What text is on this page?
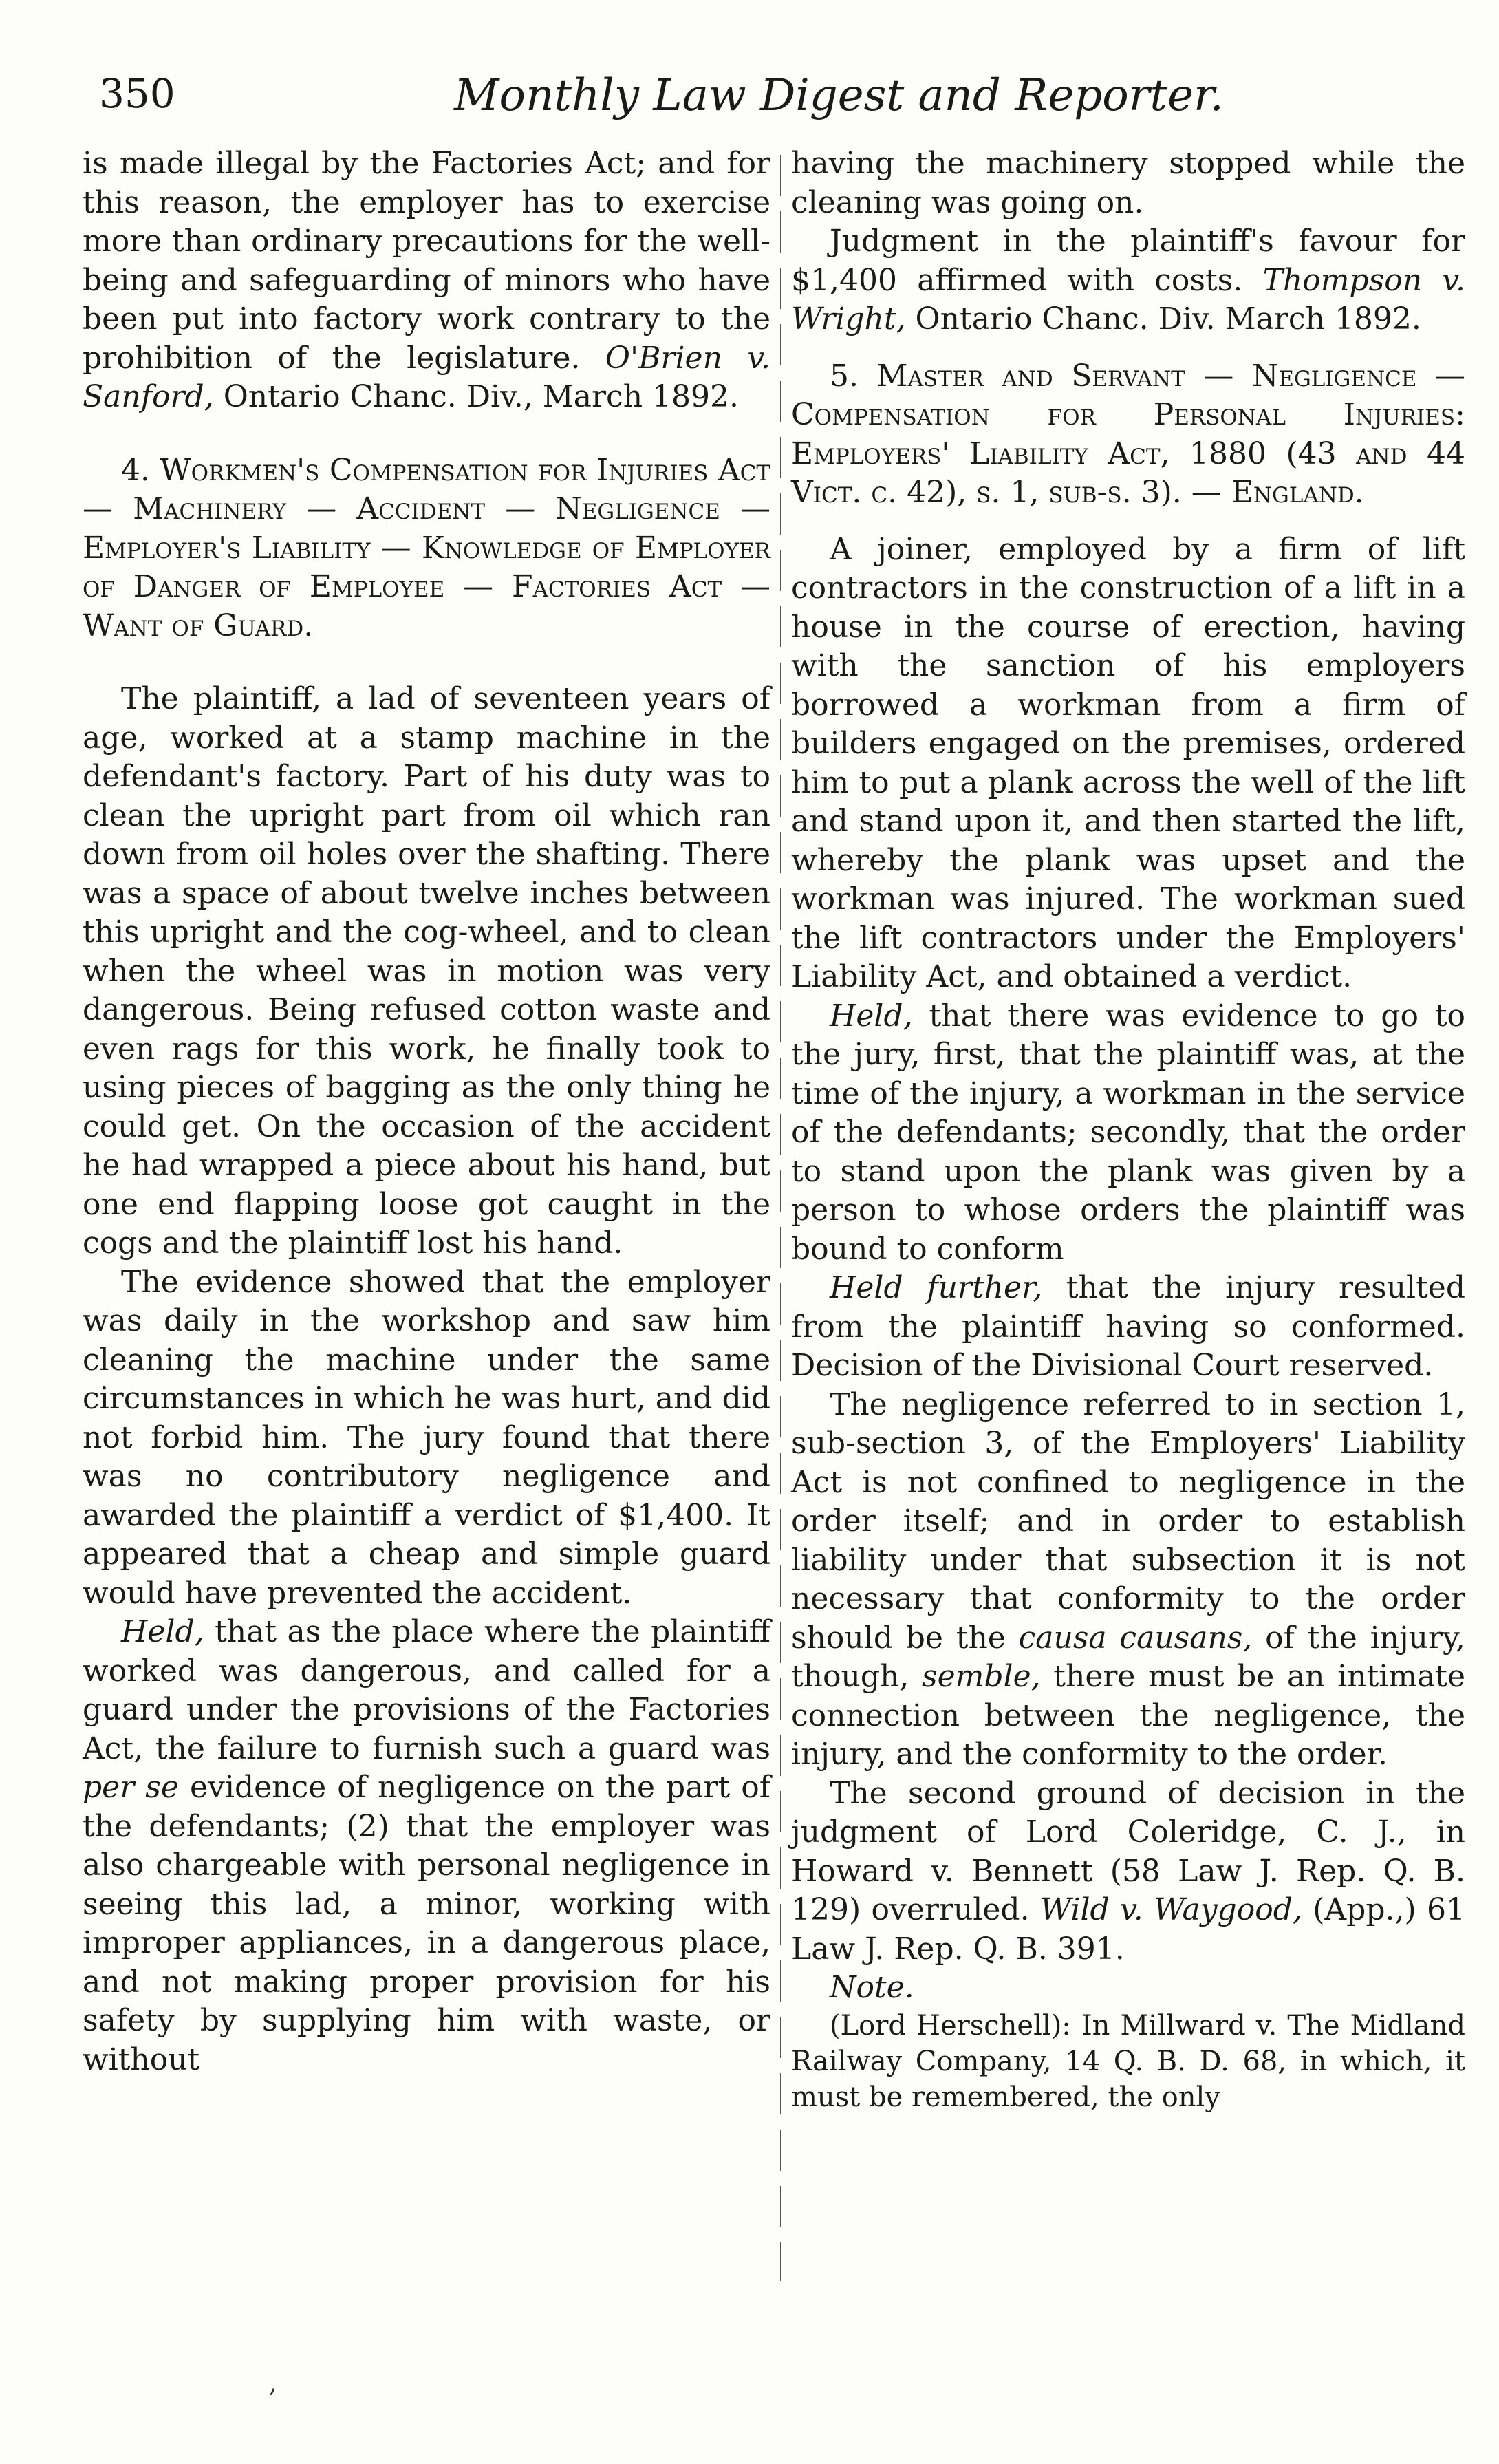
350	Monthly Law Digest and Reporter.

is made illegal by the Factories Act; and for this reason, the employer has to exercise more than ordinary precautions for the well-being and safeguarding of minors who have been put into factory work contrary to the prohibition of the legislature. O'Brien v. Sanford, Ontario Chanc. Div., March 1892.

4. Workmen's Compensation for Injuries Act — Machinery — Accident — Negligence — Employer's Liability — Knowledge of Employer of Danger of Employee — Factories Act — Want of Guard.

The plaintiff, a lad of seventeen years of age, worked at a stamp machine in the defendant's factory. Part of his duty was to clean the upright part from oil which ran down from oil holes over the shafting. There was a space of about twelve inches between this upright and the cog-wheel, and to clean when the wheel was in motion was very dangerous. Being refused cotton waste and even rags for this work, he finally took to using pieces of bagging as the only thing he could get. On the occasion of the accident he had wrapped a piece about his hand, but one end flapping loose got caught in the cogs and the plaintiff lost his hand.

The evidence showed that the employer was daily in the workshop and saw him cleaning the machine under the same circumstances in which he was hurt, and did not forbid him. The jury found that there was no contributory negligence and awarded the plaintiff a verdict of $1,400. It appeared that a cheap and simple guard would have prevented the accident.

Held, that as the place where the plaintiff worked was dangerous, and called for a guard under the provisions of the Factories Act, the failure to furnish such a guard was per se evidence of negligence on the part of the defendants; (2) that the employer was also chargeable with personal negligence in seeing this lad, a minor, working with improper appliances, in a dangerous place, and not making proper provision for his safety by supplying him with waste, or without

having the machinery stopped while the cleaning was going on.

Judgment in the plaintiff's favour for $1,400 affirmed with costs. Thompson v. Wright, Ontario Chanc. Div. March 1892.

5. Master and Servant — Negligence — Compensation for Personal Injuries: Employers' Liability Act, 1880 (43 and 44 Vict. c. 42), s. 1, sub-s. 3). — England.

A joiner, employed by a firm of lift contractors in the construction of a lift in a house in the course of erection, having with the sanction of his employers borrowed a workman from a firm of builders engaged on the premises, ordered him to put a plank across the well of the lift and stand upon it, and then started the lift, whereby the plank was upset and the workman was injured. The workman sued the lift contractors under the Employers' Liability Act, and obtained a verdict.

Held, that there was evidence to go to the jury, first, that the plaintiff was, at the time of the injury, a workman in the service of the defendants; secondly, that the order to stand upon the plank was given by a person to whose orders the plaintiff was bound to conform

Held further, that the injury resulted from the plaintiff having so conformed. Decision of the Divisional Court reserved.

The negligence referred to in section 1, sub-section 3, of the Employers' Liability Act is not confined to negligence in the order itself; and in order to establish liability under that subsection it is not necessary that conformity to the order should be the causa causans, of the injury, though, semble, there must be an intimate connection between the negligence, the injury, and the conformity to the order.

The second ground of decision in the judgment of Lord Coleridge, C. J., in Howard v. Bennett (58 Law J. Rep. Q. B. 129) overruled. Wild v. Waygood, (App.,) 61 Law J. Rep. Q. B. 391.

Note.

(Lord Herschell): In Millward v. The Midland Railway Company, 14 Q. B. D. 68, in which, it must be remembered, the only

’
